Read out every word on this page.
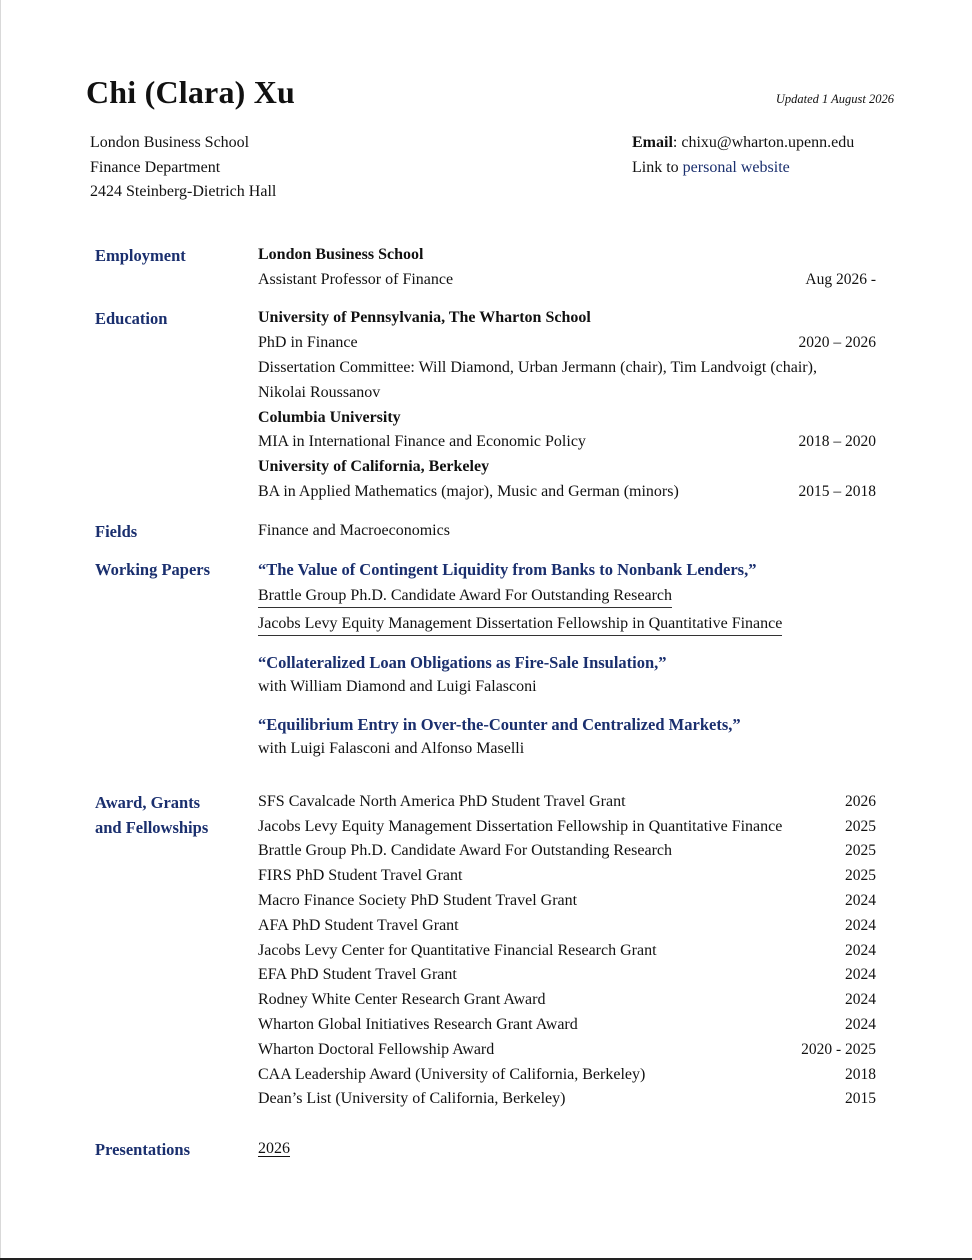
Chi (Clara) Xu	Updated 1 August 2026
London Business School
Finance Department
2424 Steinberg-Dietrich Hall
Email: chixu@wharton.upenn.edu
Link to personal website
Employment	London Business School
Assistant Professor of Finance	Aug 2026 -
Education	University of Pennsylvania, The Wharton School
PhD in Finance	2020 – 2026
Dissertation Committee: Will Diamond, Urban Jermann (chair), Tim Landvoigt (chair),
Nikolai Roussanov
Columbia University
MIA in International Finance and Economic Policy	2018 – 2020
University of California, Berkeley
BA in Applied Mathematics (major), Music and German (minors)	2015 – 2018
Fields	Finance and Macroeconomics
Working Papers	“The Value of Contingent Liquidity from Banks to Nonbank Lenders,”
Brattle Group Ph.D. Candidate Award For Outstanding Research
Jacobs Levy Equity Management Dissertation Fellowship in Quantitative Finance
“Collateralized Loan Obligations as Fire-Sale Insulation,”
with William Diamond and Luigi Falasconi
“Equilibrium Entry in Over-the-Counter and Centralized Markets,”
with Luigi Falasconi and Alfonso Maselli
Award, Grants
and Fellowships
SFS Cavalcade North America PhD Student Travel Grant	2026
Jacobs Levy Equity Management Dissertation Fellowship in Quantitative Finance	2025
Brattle Group Ph.D. Candidate Award For Outstanding Research	2025
FIRS PhD Student Travel Grant	2025
Macro Finance Society PhD Student Travel Grant	2024
AFA PhD Student Travel Grant	2024
Jacobs Levy Center for Quantitative Financial Research Grant	2024
EFA PhD Student Travel Grant	2024
Rodney White Center Research Grant Award	2024
Wharton Global Initiatives Research Grant Award	2024
Wharton Doctoral Fellowship Award	2020 - 2025
CAA Leadership Award (University of California, Berkeley)	2018
Dean’s List (University of California, Berkeley)	2015
Presentations	2026
